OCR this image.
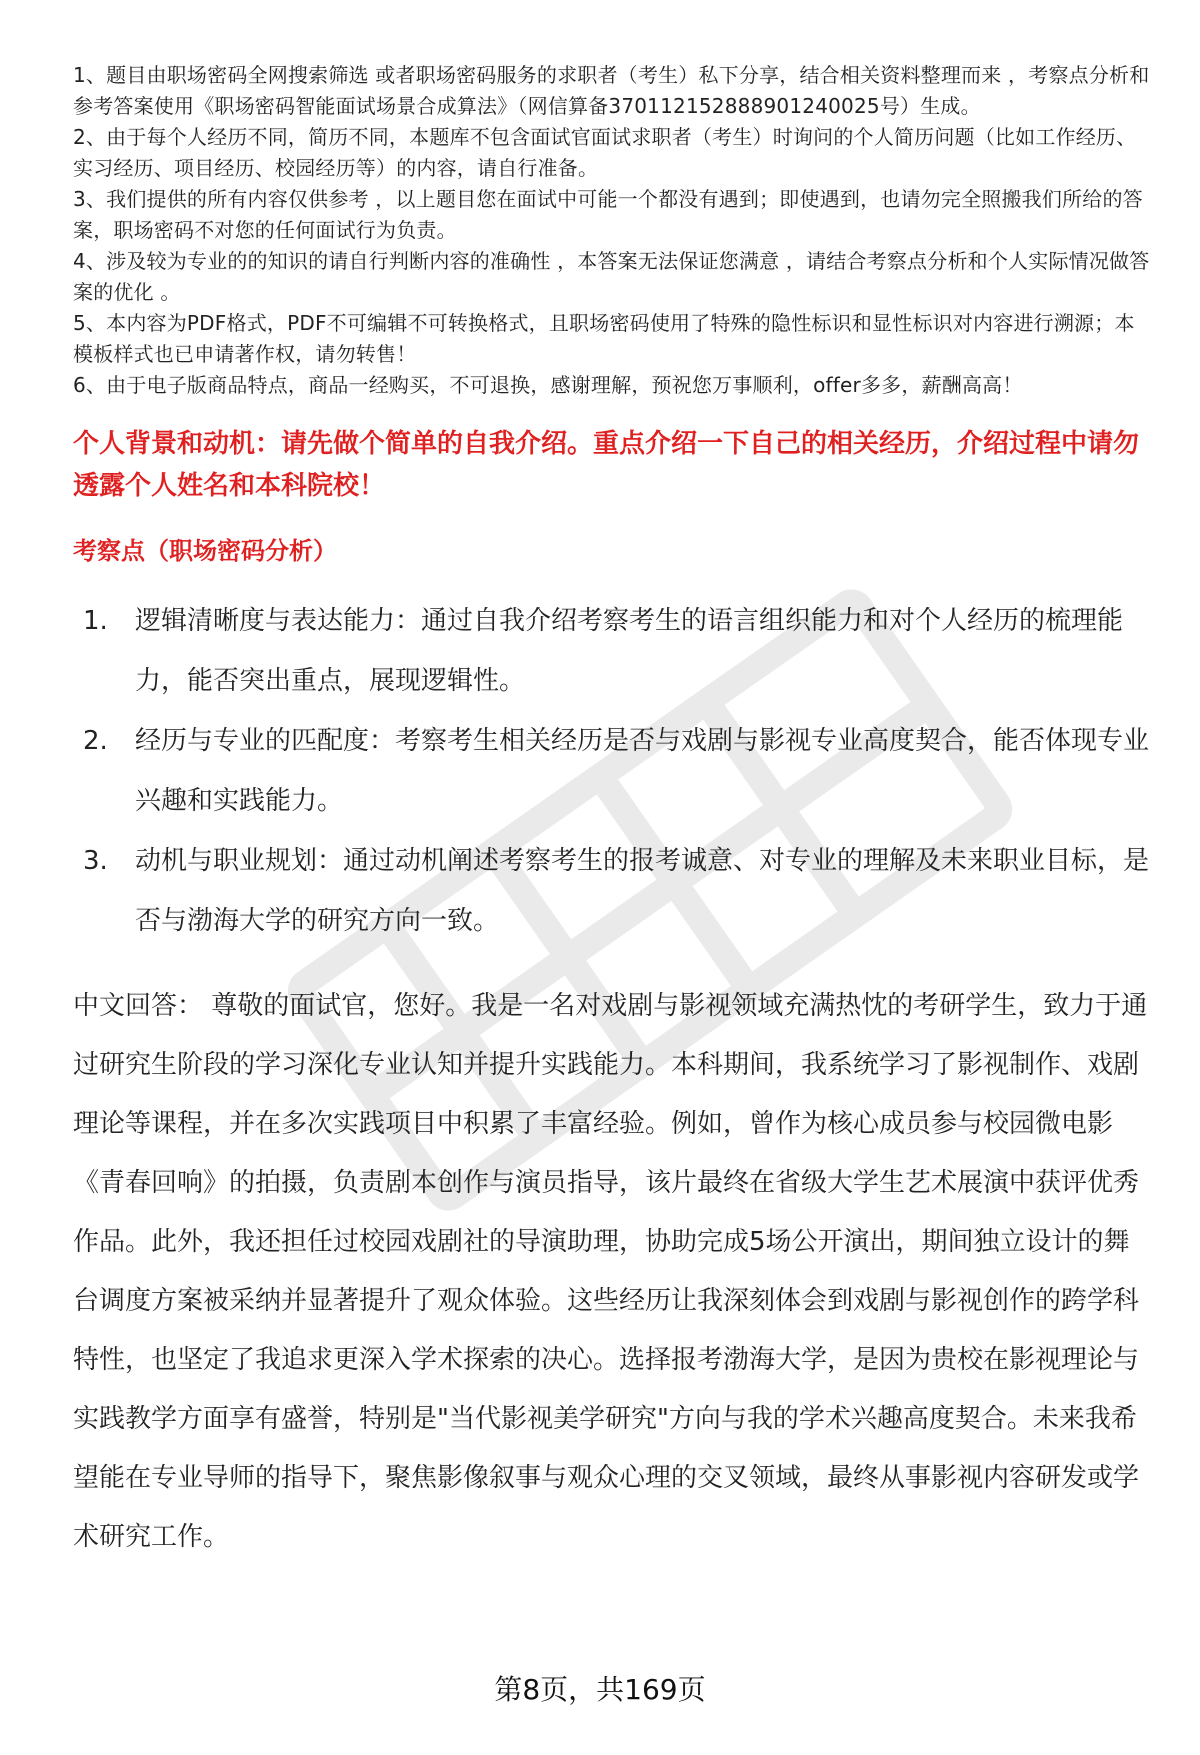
1、题目由职场密码全网搜索筛选 或者职场密码服务的求职者（考生）私下分享，结合相关资料整理而来 ，考察点分析和参考答案使用《职场密码智能面试场景合成算法》（网信算备370112152888901240025号）生成。
2、由于每个人经历不同，简历不同，本题库不包含面试官面试求职者（考生）时询问的个人简历问题（比如工作经历、实习经历、项目经历、校园经历等）的内容，请自行准备。
3、我们提供的所有内容仅供参考 ，以上题目您在面试中可能一个都没有遇到；即使遇到，也请勿完全照搬我们所给的答案，职场密码不对您的任何面试行为负责。
4、涉及较为专业的的知识的请自行判断内容的准确性 ，本答案无法保证您满意 ，请结合考察点分析和个人实际情况做答案的优化 。
5、本内容为PDF格式，PDF不可编辑不可转换格式，且职场密码使用了特殊的隐性标识和显性标识对内容进行溯源；本模板样式也已申请著作权，请勿转售！
6、由于电子版商品特点，商品一经购买，不可退换，感谢理解，预祝您万事顺利，offer多多，薪酬高高！
个人背景和动机：请先做个简单的自我介绍。重点介绍一下自己的相关经历，介绍过程中请勿透露个人姓名和本科院校！
考察点（职场密码分析）
1.	逻辑清晰度与表达能力：通过自我介绍考察考生的语言组织能力和对个人经历的梳理能力，能否突出重点，展现逻辑性。
2.	经历与专业的匹配度：考察考生相关经历是否与戏剧与影视专业高度契合，能否体现专业兴趣和实践能力。
3.	动机与职业规划：通过动机阐述考察考生的报考诚意、对专业的理解及未来职业目标，是否与渤海大学的研究方向一致。
中文回答： 尊敬的面试官，您好。我是一名对戏剧与影视领域充满热忱的考研学生，致力于通过研究生阶段的学习深化专业认知并提升实践能力。本科期间，我系统学习了影视制作、戏剧理论等课程，并在多次实践项目中积累了丰富经验。例如，曾作为核心成员参与校园微电影《青春回响》的拍摄，负责剧本创作与演员指导，该片最终在省级大学生艺术展演中获评优秀作品。此外，我还担任过校园戏剧社的导演助理，协助完成5场公开演出，期间独立设计的舞台调度方案被采纳并显著提升了观众体验。这些经历让我深刻体会到戏剧与影视创作的跨学科特性，也坚定了我追求更深入学术探索的决心。选择报考渤海大学，是因为贵校在影视理论与实践教学方面享有盛誉，特别是"当代影视美学研究"方向与我的学术兴趣高度契合。未来我希望能在专业导师的指导下，聚焦影像叙事与观众心理的交叉领域，最终从事影视内容研发或学术研究工作。
第8页，共169页
